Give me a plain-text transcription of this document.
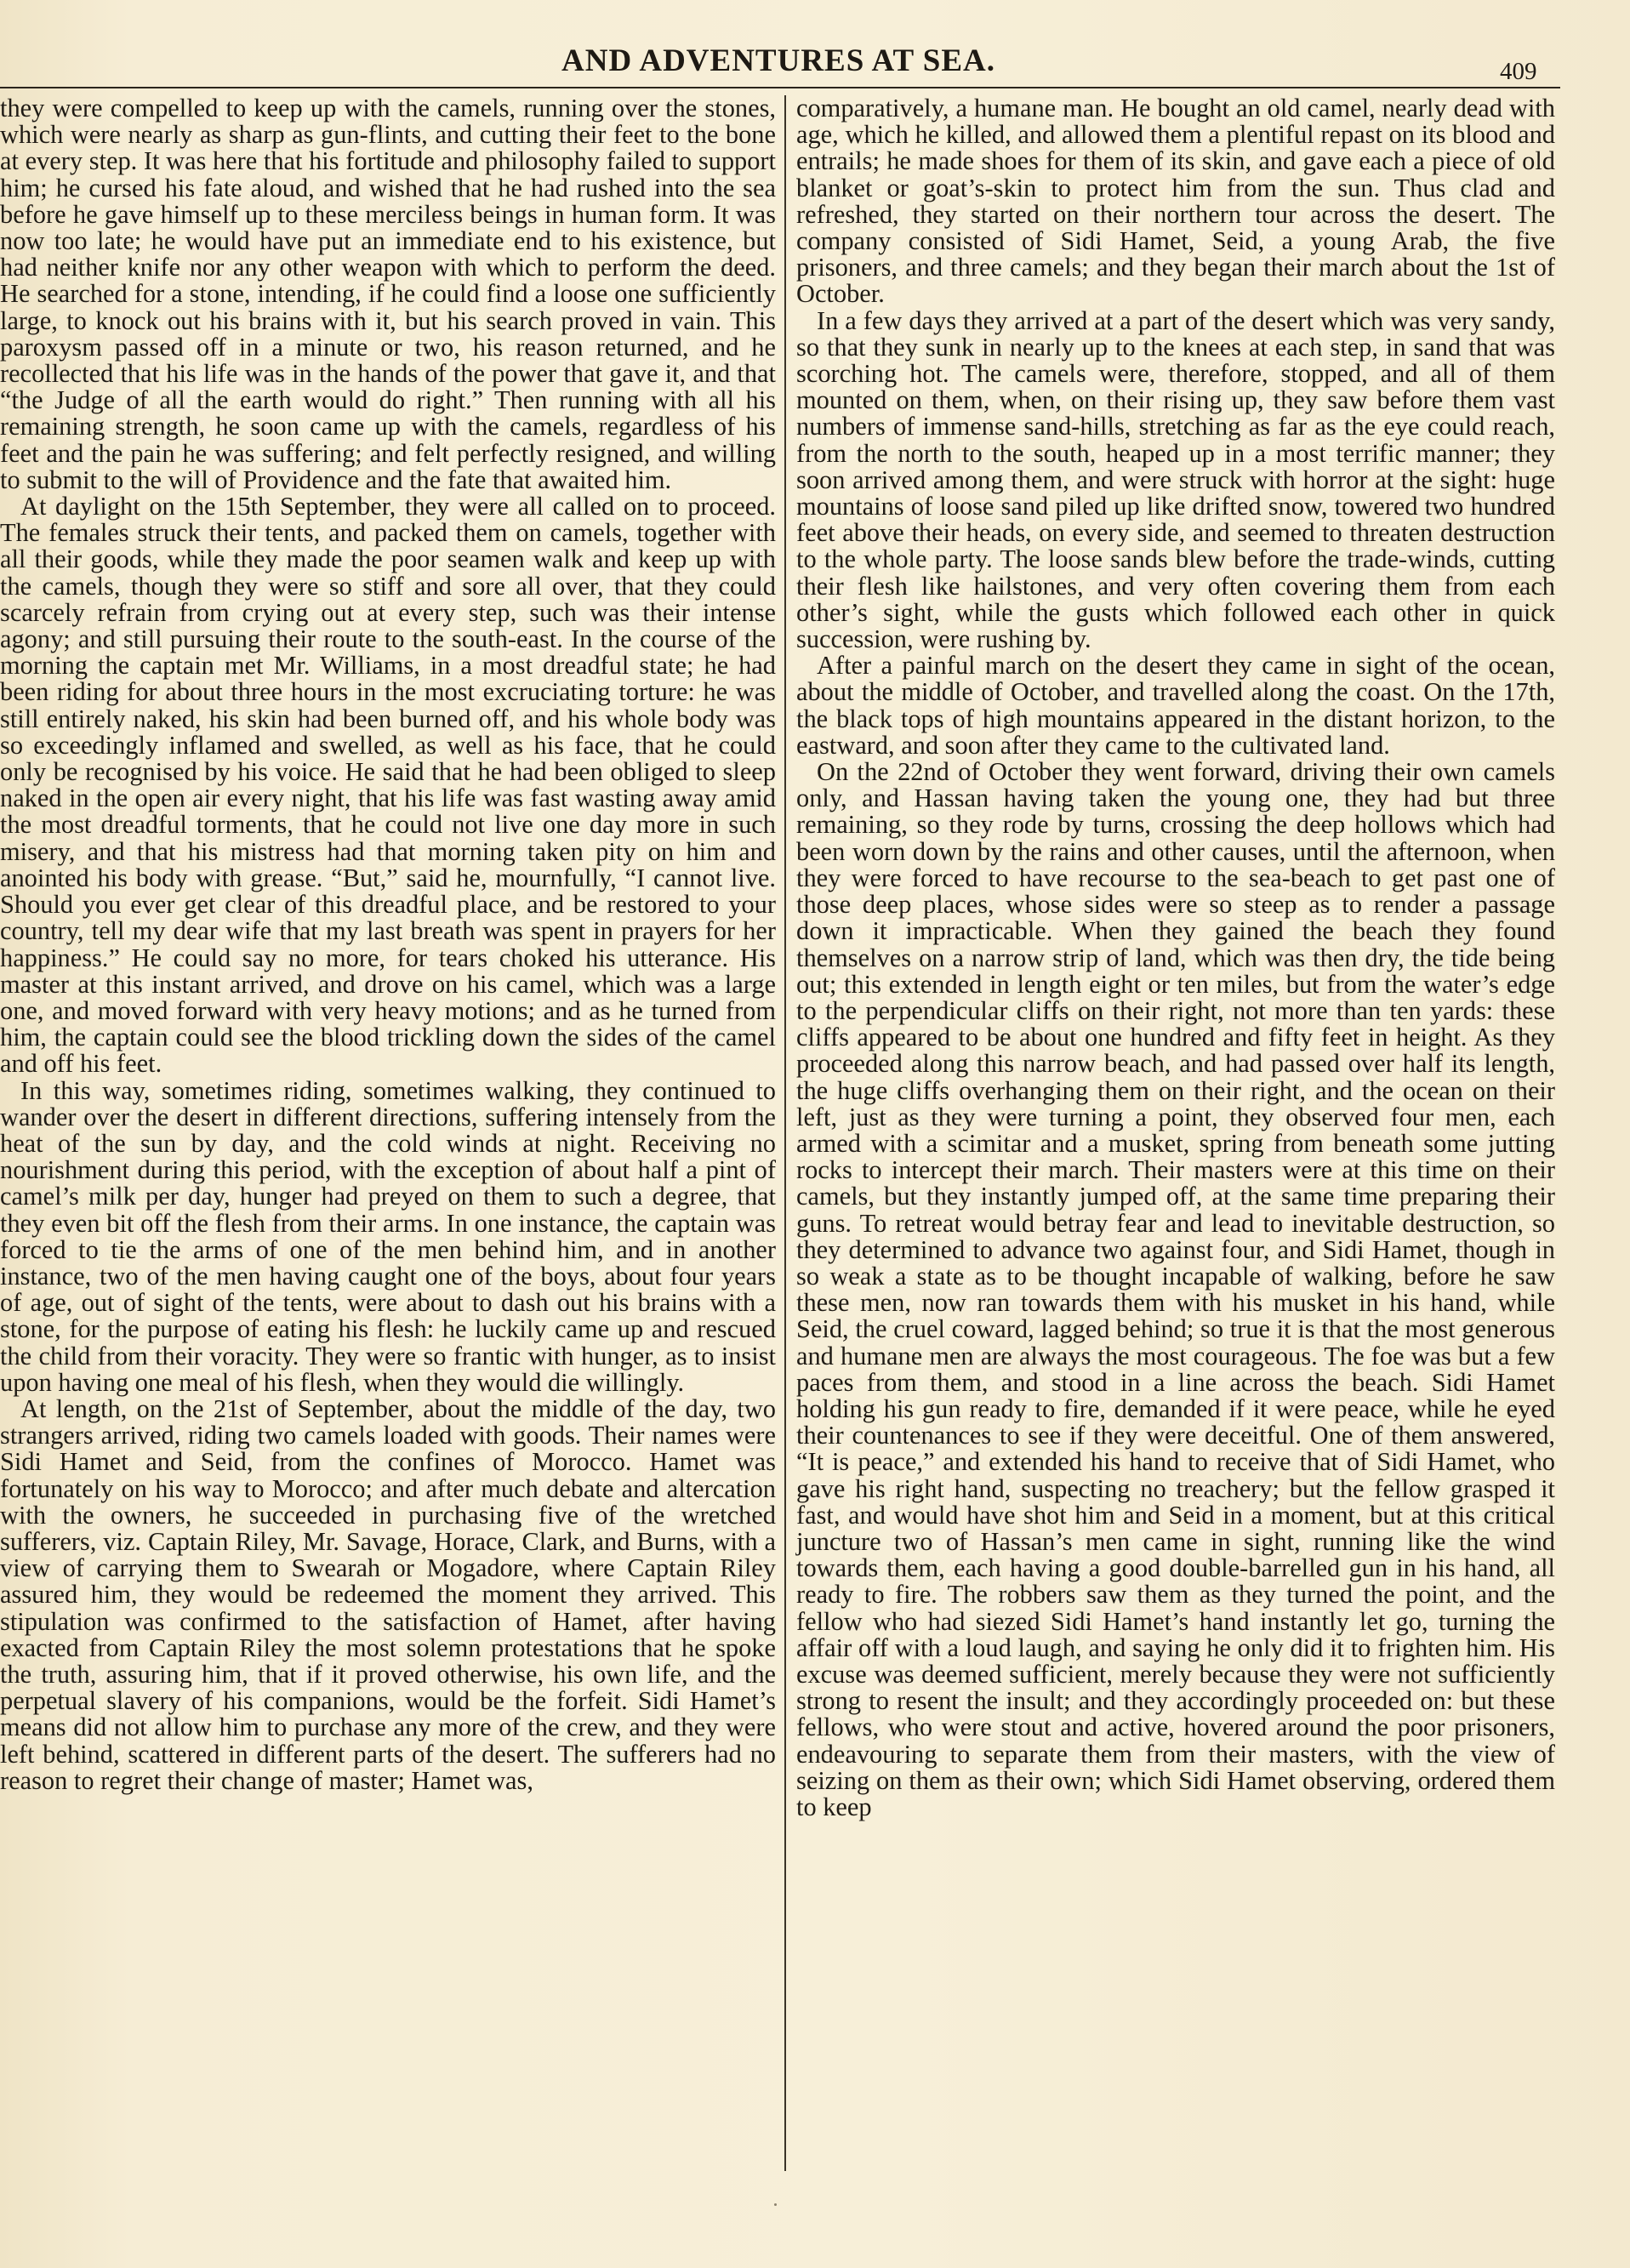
AND ADVENTURES AT SEA.	409

they were compelled to keep up with the camels, running over the stones, which were nearly as sharp as gun-flints, and cutting their feet to the bone at every step. It was here that his fortitude and philosophy failed to support him; he cursed his fate aloud, and wished that he had rushed into the sea before he gave himself up to these merciless beings in human form. It was now too late; he would have put an immediate end to his existence, but had neither knife nor any other weapon with which to perform the deed. He searched for a stone, intending, if he could find a loose one sufficiently large, to knock out his brains with it, but his search proved in vain. This paroxysm passed off in a minute or two, his reason returned, and he recollected that his life was in the hands of the power that gave it, and that “the Judge of all the earth would do right.” Then running with all his remaining strength, he soon came up with the camels, regardless of his feet and the pain he was suffering; and felt perfectly resigned, and willing to submit to the will of Providence and the fate that awaited him.

At daylight on the 15th September, they were all called on to proceed. The females struck their tents, and packed them on camels, together with all their goods, while they made the poor seamen walk and keep up with the camels, though they were so stiff and sore all over, that they could scarcely refrain from crying out at every step, such was their intense agony; and still pursuing their route to the south-east. In the course of the morning the captain met Mr. Williams, in a most dreadful state; he had been riding for about three hours in the most excruciating torture: he was still entirely naked, his skin had been burned off, and his whole body was so exceedingly inflamed and swelled, as well as his face, that he could only be recognised by his voice. He said that he had been obliged to sleep naked in the open air every night, that his life was fast wasting away amid the most dreadful torments, that he could not live one day more in such misery, and that his mistress had that morning taken pity on him and anointed his body with grease. “But,” said he, mournfully, “I cannot live. Should you ever get clear of this dreadful place, and be restored to your country, tell my dear wife that my last breath was spent in prayers for her happiness.” He could say no more, for tears choked his utterance. His master at this instant arrived, and drove on his camel, which was a large one, and moved forward with very heavy motions; and as he turned from him, the captain could see the blood trickling down the sides of the camel and off his feet.

In this way, sometimes riding, sometimes walking, they continued to wander over the desert in different directions, suffering intensely from the heat of the sun by day, and the cold winds at night. Receiving no nourishment during this period, with the exception of about half a pint of camel’s milk per day, hunger had preyed on them to such a degree, that they even bit off the flesh from their arms. In one instance, the captain was forced to tie the arms of one of the men behind him, and in another instance, two of the men having caught one of the boys, about four years of age, out of sight of the tents, were about to dash out his brains with a stone, for the purpose of eating his flesh: he luckily came up and rescued the child from their voracity. They were so frantic with hunger, as to insist upon having one meal of his flesh, when they would die willingly.

At length, on the 21st of September, about the middle of the day, two strangers arrived, riding two camels loaded with goods. Their names were Sidi Hamet and Seid, from the confines of Morocco. Hamet was fortunately on his way to Morocco; and after much debate and altercation with the owners, he succeeded in purchasing five of the wretched sufferers, viz. Captain Riley, Mr. Savage, Horace, Clark, and Burns, with a view of carrying them to Swearah or Mogadore, where Captain Riley assured him, they would be redeemed the moment they arrived. This stipulation was confirmed to the satisfaction of Hamet, after having exacted from Captain Riley the most solemn protestations that he spoke the truth, assuring him, that if it proved otherwise, his own life, and the perpetual slavery of his companions, would be the forfeit. Sidi Hamet’s means did not allow him to purchase any more of the crew, and they were left behind, scattered in different parts of the desert. The sufferers had no reason to regret their change of master; Hamet was,

comparatively, a humane man. He bought an old camel, nearly dead with age, which he killed, and allowed them a plentiful repast on its blood and entrails; he made shoes for them of its skin, and gave each a piece of old blanket or goat’s-skin to protect him from the sun. Thus clad and refreshed, they started on their northern tour across the desert. The company consisted of Sidi Hamet, Seid, a young Arab, the five prisoners, and three camels; and they began their march about the 1st of October.

In a few days they arrived at a part of the desert which was very sandy, so that they sunk in nearly up to the knees at each step, in sand that was scorching hot. The camels were, therefore, stopped, and all of them mounted on them, when, on their rising up, they saw before them vast numbers of immense sand-hills, stretching as far as the eye could reach, from the north to the south, heaped up in a most terrific manner; they soon arrived among them, and were struck with horror at the sight: huge mountains of loose sand piled up like drifted snow, towered two hundred feet above their heads, on every side, and seemed to threaten destruction to the whole party. The loose sands blew before the trade-winds, cutting their flesh like hailstones, and very often covering them from each other’s sight, while the gusts which followed each other in quick succession, were rushing by.

After a painful march on the desert they came in sight of the ocean, about the middle of October, and travelled along the coast. On the 17th, the black tops of high mountains appeared in the distant horizon, to the eastward, and soon after they came to the cultivated land.

On the 22nd of October they went forward, driving their own camels only, and Hassan having taken the young one, they had but three remaining, so they rode by turns, crossing the deep hollows which had been worn down by the rains and other causes, until the afternoon, when they were forced to have recourse to the sea-beach to get past one of those deep places, whose sides were so steep as to render a passage down it impracticable. When they gained the beach they found themselves on a narrow strip of land, which was then dry, the tide being out; this extended in length eight or ten miles, but from the water’s edge to the perpendicular cliffs on their right, not more than ten yards: these cliffs appeared to be about one hundred and fifty feet in height. As they proceeded along this narrow beach, and had passed over half its length, the huge cliffs overhanging them on their right, and the ocean on their left, just as they were turning a point, they observed four men, each armed with a scimitar and a musket, spring from beneath some jutting rocks to intercept their march. Their masters were at this time on their camels, but they instantly jumped off, at the same time preparing their guns. To retreat would betray fear and lead to inevitable destruction, so they determined to advance two against four, and Sidi Hamet, though in so weak a state as to be thought incapable of walking, before he saw these men, now ran towards them with his musket in his hand, while Seid, the cruel coward, lagged behind; so true it is that the most generous and humane men are always the most courageous. The foe was but a few paces from them, and stood in a line across the beach. Sidi Hamet holding his gun ready to fire, demanded if it were peace, while he eyed their countenances to see if they were deceitful. One of them answered, “It is peace,” and extended his hand to receive that of Sidi Hamet, who gave his right hand, suspecting no treachery; but the fellow grasped it fast, and would have shot him and Seid in a moment, but at this critical juncture two of Hassan’s men came in sight, running like the wind towards them, each having a good double-barrelled gun in his hand, all ready to fire. The robbers saw them as they turned the point, and the fellow who had siezed Sidi Hamet’s hand instantly let go, turning the affair off with a loud laugh, and saying he only did it to frighten him. His excuse was deemed sufficient, merely because they were not sufficiently strong to resent the insult; and they accordingly proceeded on: but these fellows, who were stout and active, hovered around the poor prisoners, endeavouring to separate them from their masters, with the view of seizing on them as their own; which Sidi Hamet observing, ordered them to keep
